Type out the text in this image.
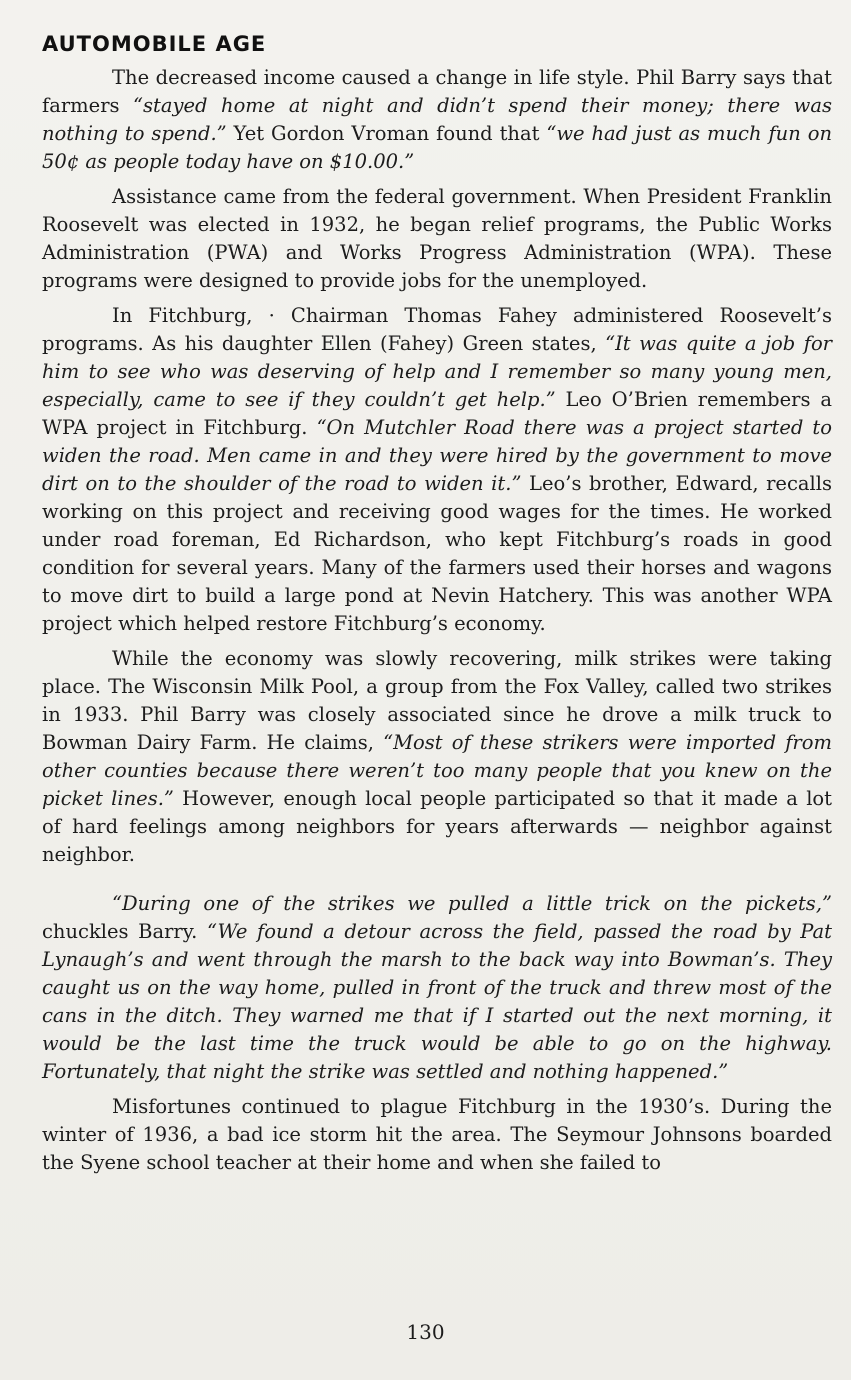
AUTOMOBILE AGE

The decreased income caused a change in life style. Phil Barry says that farmers “stayed home at night and didn’t spend their money; there was nothing to spend.” Yet Gordon Vroman found that “we had just as much fun on 50¢ as people today have on $10.00.”

Assistance came from the federal government. When President Franklin Roosevelt was elected in 1932, he began relief programs, the Public Works Administration (PWA) and Works Progress Administration (WPA). These programs were designed to provide jobs for the unemployed.

In Fitchburg, · Chairman Thomas Fahey administered Roosevelt’s programs. As his daughter Ellen (Fahey) Green states, “It was quite a job for him to see who was deserving of help and I remember so many young men, especially, came to see if they couldn’t get help.” Leo O’Brien remembers a WPA project in Fitchburg. “On Mutchler Road there was a project started to widen the road. Men came in and they were hired by the government to move dirt on to the shoulder of the road to widen it.” Leo’s brother, Edward, recalls working on this project and receiving good wages for the times. He worked under road foreman, Ed Richardson, who kept Fitchburg’s roads in good condition for several years. Many of the farmers used their horses and wagons to move dirt to build a large pond at Nevin Hatchery. This was another WPA project which helped restore Fitchburg’s economy.

While the economy was slowly recovering, milk strikes were taking place. The Wisconsin Milk Pool, a group from the Fox Valley, called two strikes in 1933. Phil Barry was closely associated since he drove a milk truck to Bowman Dairy Farm. He claims, “Most of these strikers were imported from other counties because there weren’t too many people that you knew on the picket lines.” However, enough local people participated so that it made a lot of hard feelings among neighbors for years afterwards — neighbor against neighbor.

“During one of the strikes we pulled a little trick on the pickets,” chuckles Barry. “We found a detour across the field, passed the road by Pat Lynaugh’s and went through the marsh to the back way into Bowman’s. They caught us on the way home, pulled in front of the truck and threw most of the cans in the ditch. They warned me that if I started out the next morning, it would be the last time the truck would be able to go on the highway. Fortunately, that night the strike was settled and nothing happened.”

Misfortunes continued to plague Fitchburg in the 1930’s. During the winter of 1936, a bad ice storm hit the area. The Seymour Johnsons boarded the Syene school teacher at their home and when she failed to

130
